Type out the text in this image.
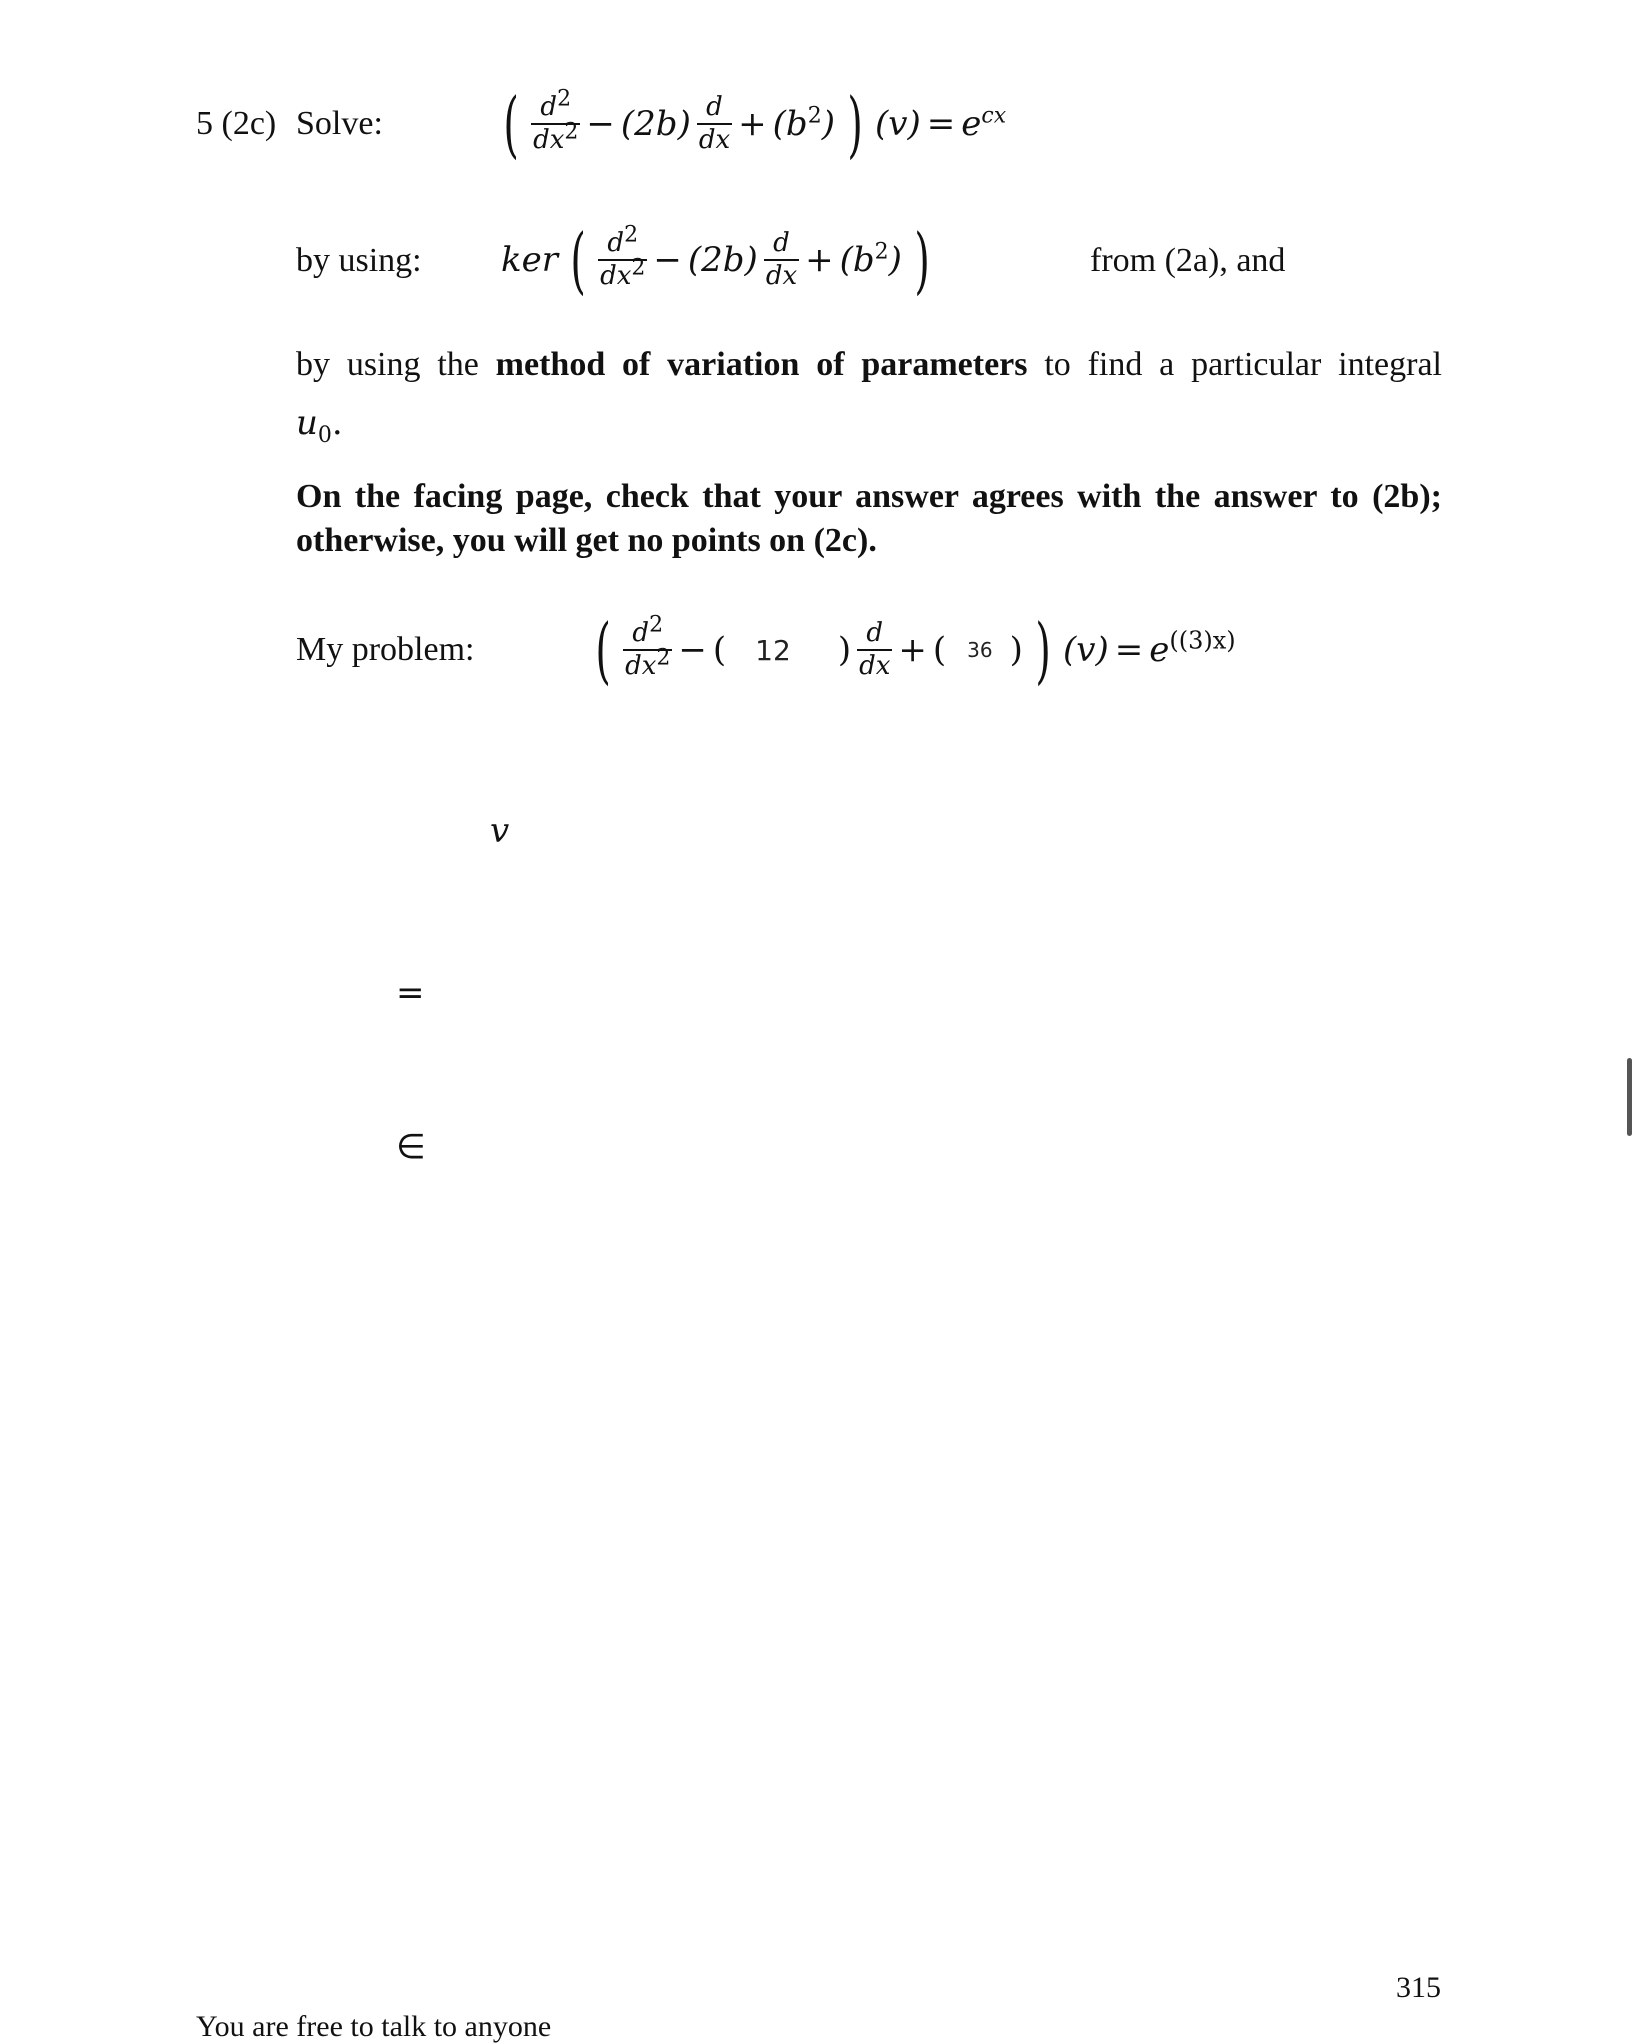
5 (2c) Solve: ( $\frac{d^2}{dx^2} - (2b) \frac{d}{dx} + (b^2)$ ) $(v) = e^{cx}$
by using: ker ( $\frac{d^2}{dx^2} - (2b) \frac{d}{dx} + (b^2)$ )	from (2a), and
by using the method of variation of parameters to find a particular integral
$u_0$.
On the facing page, check that your answer agrees with the answer to (2b);
otherwise, you will get no points on (2c).
My problem: ( $\frac{d^2}{dx^2}$ − ( 12 ) $\frac{d}{dx}$ + ( 36 ) ) $(v) = e^{((3)x)}$
v
=
∈
315
You are free to talk to anyone
